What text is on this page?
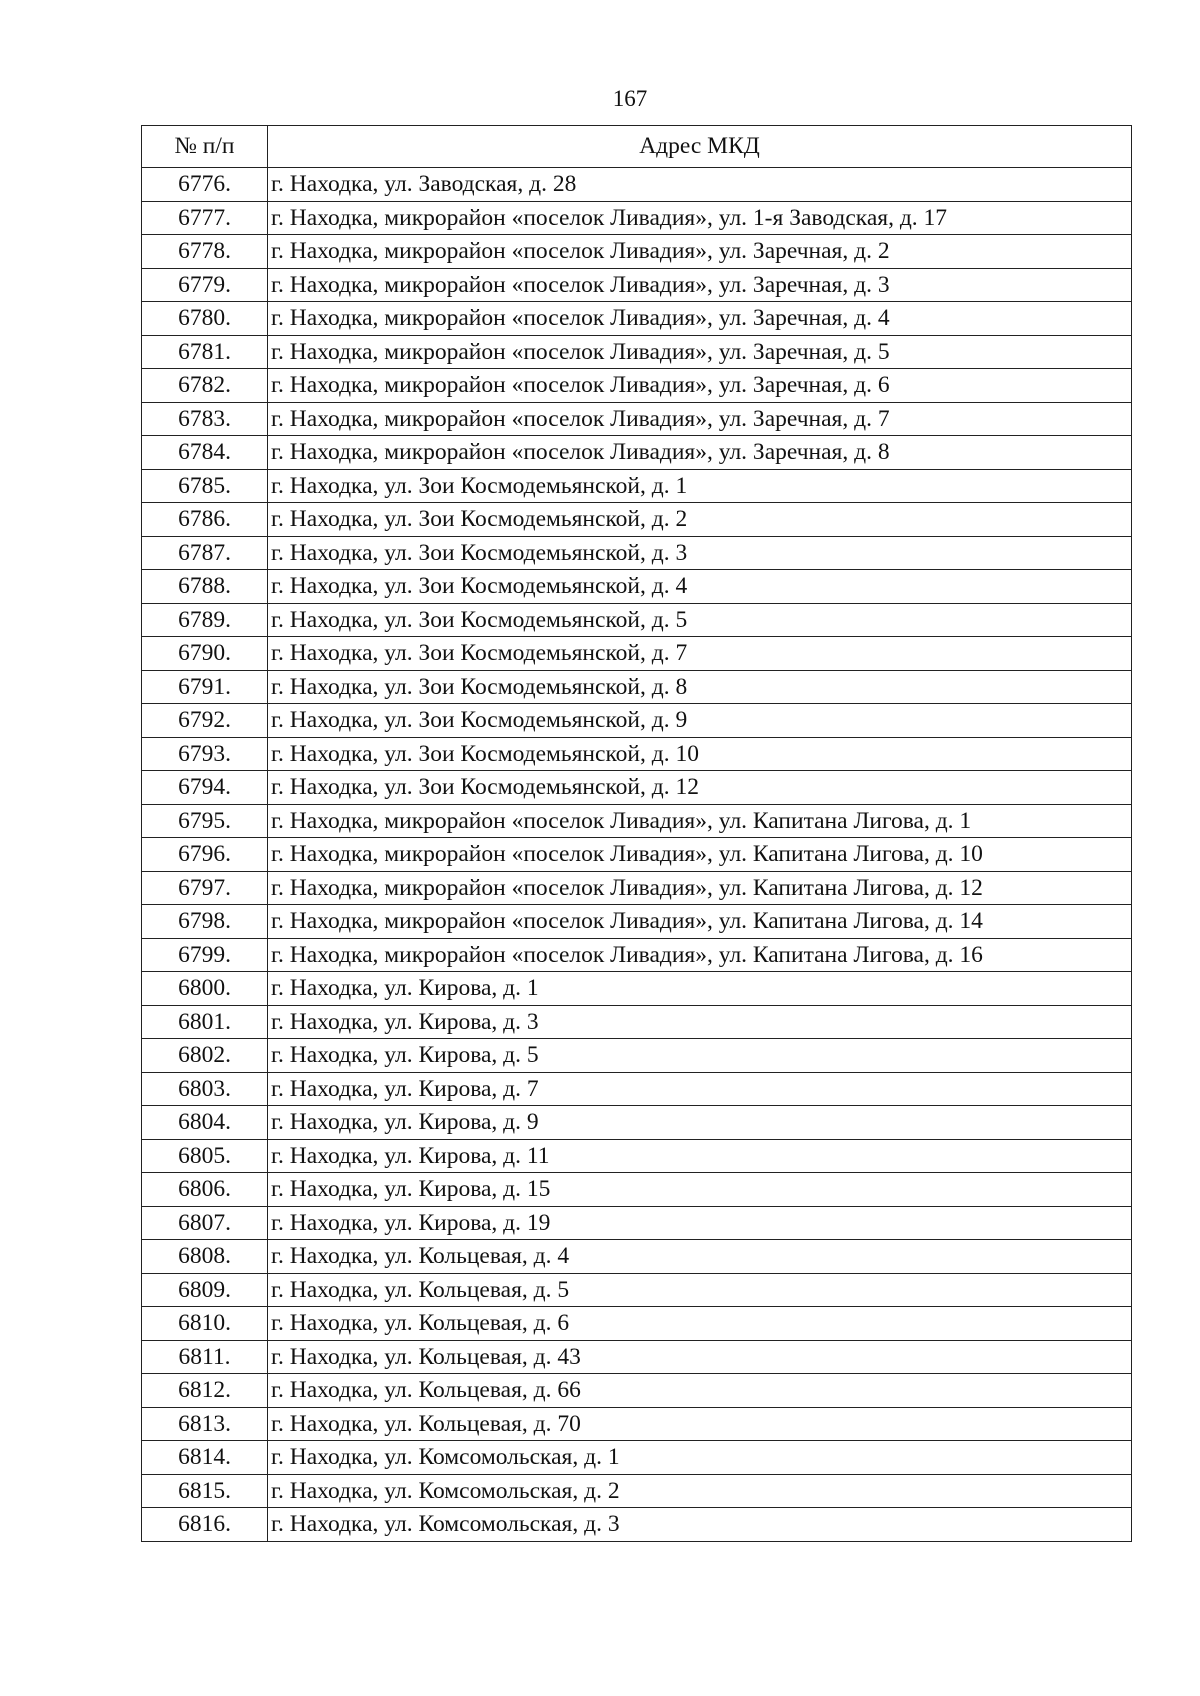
167
№ п/п	Адрес МКД
6776.	г. Находка, ул. Заводская, д. 28
6777.	г. Находка, микрорайон «поселок Ливадия», ул. 1-я Заводская, д. 17
6778.	г. Находка, микрорайон «поселок Ливадия», ул. Заречная, д. 2
6779.	г. Находка, микрорайон «поселок Ливадия», ул. Заречная, д. 3
6780.	г. Находка, микрорайон «поселок Ливадия», ул. Заречная, д. 4
6781.	г. Находка, микрорайон «поселок Ливадия», ул. Заречная, д. 5
6782.	г. Находка, микрорайон «поселок Ливадия», ул. Заречная, д. 6
6783.	г. Находка, микрорайон «поселок Ливадия», ул. Заречная, д. 7
6784.	г. Находка, микрорайон «поселок Ливадия», ул. Заречная, д. 8
6785.	г. Находка, ул. Зои Космодемьянской, д. 1
6786.	г. Находка, ул. Зои Космодемьянской, д. 2
6787.	г. Находка, ул. Зои Космодемьянской, д. 3
6788.	г. Находка, ул. Зои Космодемьянской, д. 4
6789.	г. Находка, ул. Зои Космодемьянской, д. 5
6790.	г. Находка, ул. Зои Космодемьянской, д. 7
6791.	г. Находка, ул. Зои Космодемьянской, д. 8
6792.	г. Находка, ул. Зои Космодемьянской, д. 9
6793.	г. Находка, ул. Зои Космодемьянской, д. 10
6794.	г. Находка, ул. Зои Космодемьянской, д. 12
6795.	г. Находка, микрорайон «поселок Ливадия», ул. Капитана Лигова, д. 1
6796.	г. Находка, микрорайон «поселок Ливадия», ул. Капитана Лигова, д. 10
6797.	г. Находка, микрорайон «поселок Ливадия», ул. Капитана Лигова, д. 12
6798.	г. Находка, микрорайон «поселок Ливадия», ул. Капитана Лигова, д. 14
6799.	г. Находка, микрорайон «поселок Ливадия», ул. Капитана Лигова, д. 16
6800.	г. Находка, ул. Кирова, д. 1
6801.	г. Находка, ул. Кирова, д. 3
6802.	г. Находка, ул. Кирова, д. 5
6803.	г. Находка, ул. Кирова, д. 7
6804.	г. Находка, ул. Кирова, д. 9
6805.	г. Находка, ул. Кирова, д. 11
6806.	г. Находка, ул. Кирова, д. 15
6807.	г. Находка, ул. Кирова, д. 19
6808.	г. Находка, ул. Кольцевая, д. 4
6809.	г. Находка, ул. Кольцевая, д. 5
6810.	г. Находка, ул. Кольцевая, д. 6
6811.	г. Находка, ул. Кольцевая, д. 43
6812.	г. Находка, ул. Кольцевая, д. 66
6813.	г. Находка, ул. Кольцевая, д. 70
6814.	г. Находка, ул. Комсомольская, д. 1
6815.	г. Находка, ул. Комсомольская, д. 2
6816.	г. Находка, ул. Комсомольская, д. 3
